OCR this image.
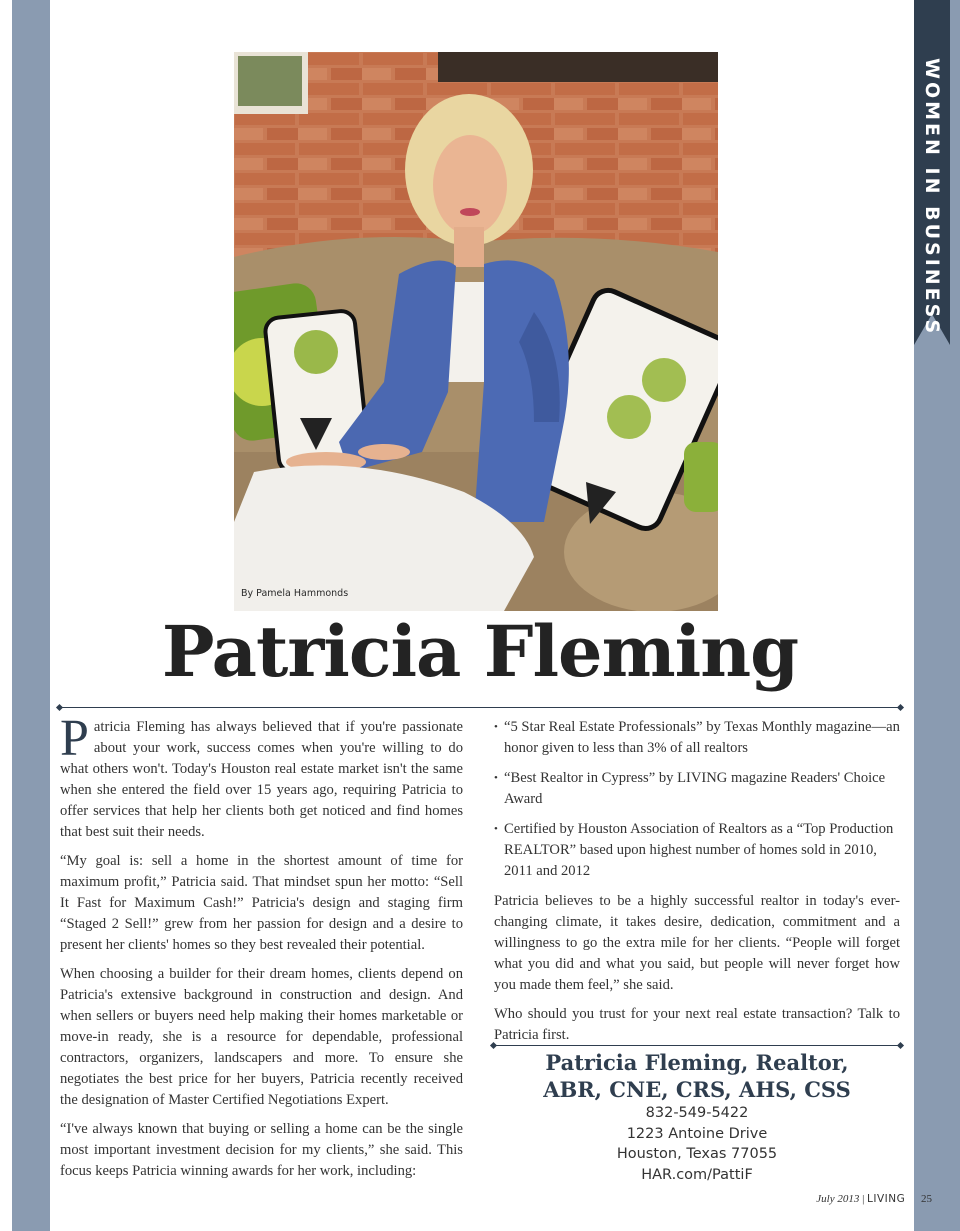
WOMEN IN BUSINESS
By Pamela Hammonds
Patricia Fleming

Patricia Fleming has always believed that if you're passionate about your work, success comes when you're willing to do what others won't. Today's Houston real estate market isn't the same when she entered the field over 15 years ago, requiring Patricia to offer services that help her clients both get noticed and find homes that best suit their needs.

“My goal is: sell a home in the shortest amount of time for maximum profit,” Patricia said. That mindset spun her motto: “Sell It Fast for Maximum Cash!” Patricia's design and staging firm “Staged 2 Sell!” grew from her passion for design and a desire to present her clients' homes so they best revealed their potential.

When choosing a builder for their dream homes, clients depend on Patricia's extensive background in construction and design. And when sellers or buyers need help making their homes marketable or move-in ready, she is a resource for dependable, professional contractors, organizers, landscapers and more. To ensure she negotiates the best price for her buyers, Patricia recently received the designation of Master Certified Negotiations Expert.

“I've always known that buying or selling a home can be the single most important investment decision for my clients,” she said. This focus keeps Patricia winning awards for her work, including:

• “5 Star Real Estate Professionals” by Texas Monthly magazine—an honor given to less than 3% of all realtors
• “Best Realtor in Cypress” by LIVING magazine Readers' Choice Award
• Certified by Houston Association of Realtors as a “Top Production REALTOR” based upon highest number of homes sold in 2010, 2011 and 2012

Patricia believes to be a highly successful realtor in today's ever-changing climate, it takes desire, dedication, commitment and a willingness to go the extra mile for her clients. “People will forget what you did and what you said, but people will never forget how you made them feel,” she said.

Who should you trust for your next real estate transaction? Talk to Patricia first.

Patricia Fleming, Realtor,
ABR, CNE, CRS, AHS, CSS
832-549-5422
1223 Antoine Drive
Houston, Texas 77055
HAR.com/PattiF
July 2013 | LIVING 25
